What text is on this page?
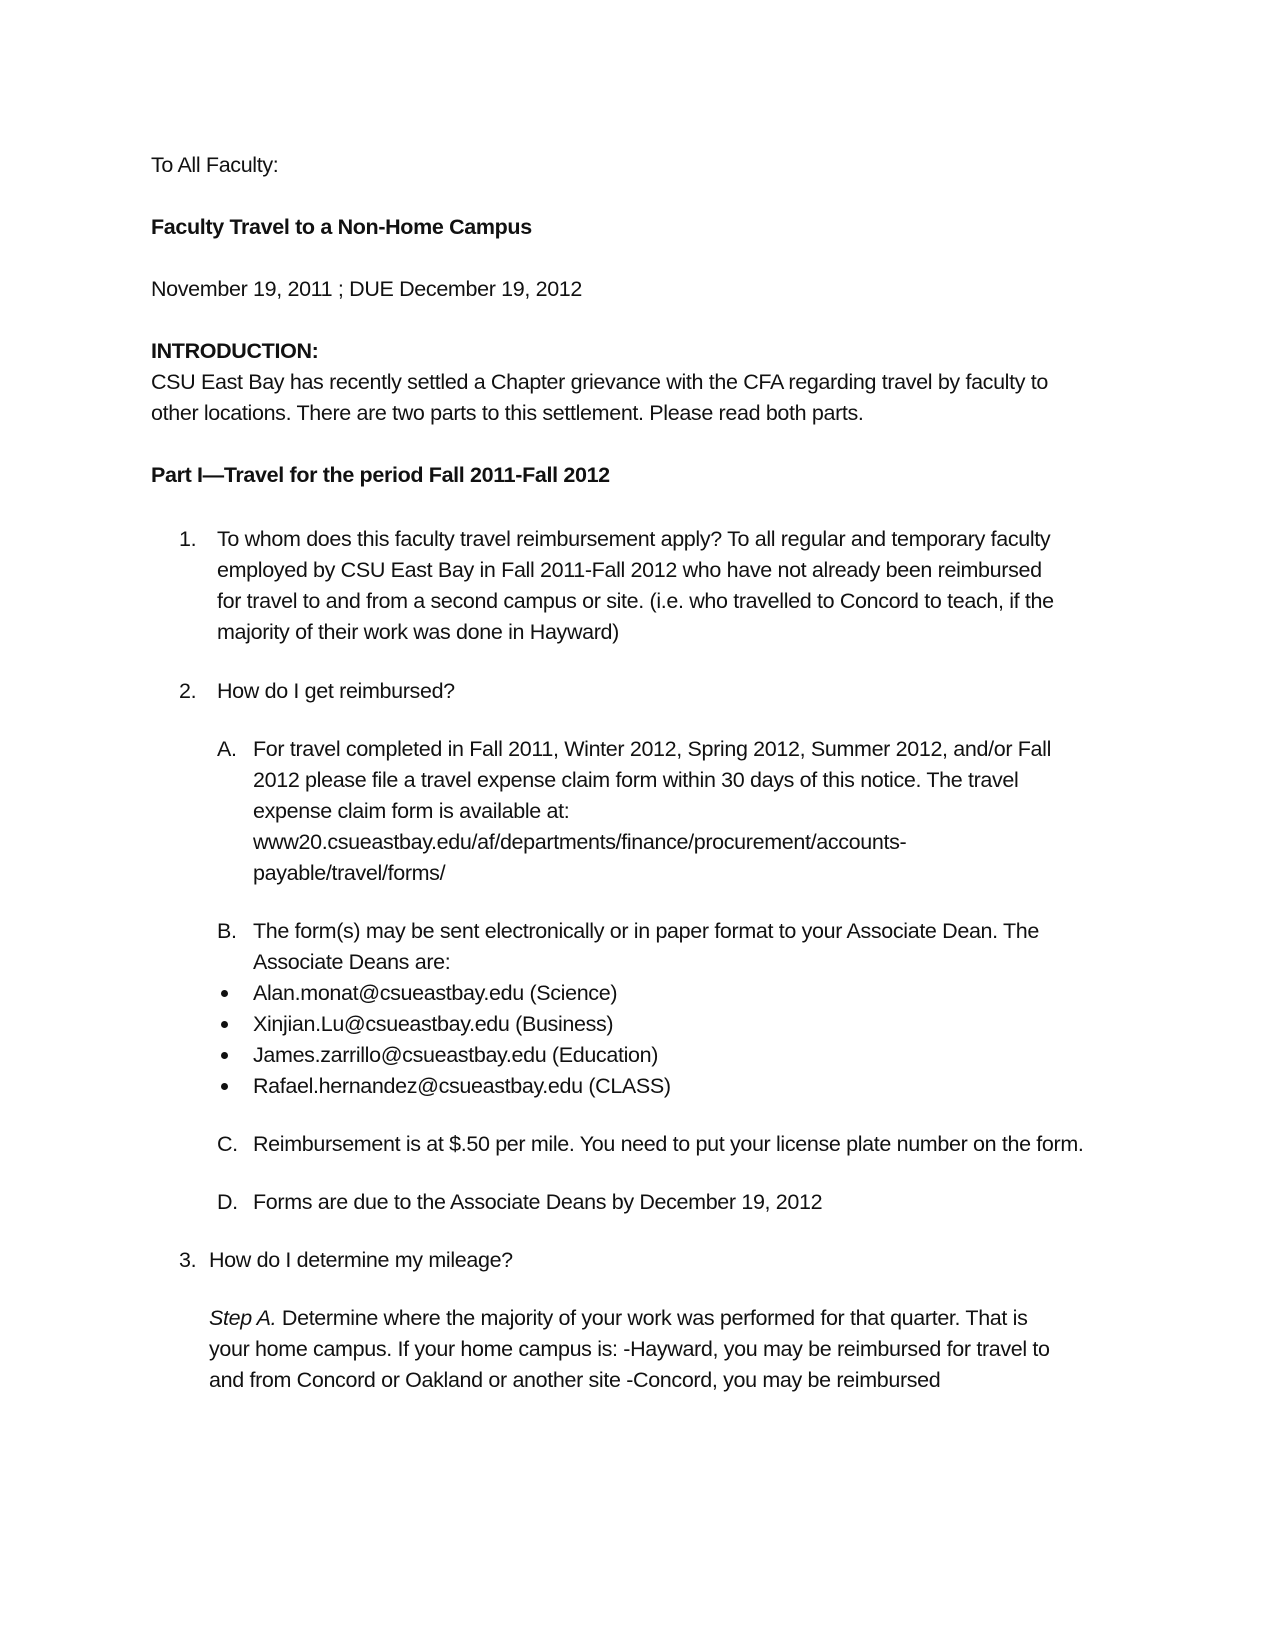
To All Faculty:

Faculty Travel to a Non-Home Campus

November 19, 2011 ; DUE December 19, 2012

INTRODUCTION:

CSU East Bay has recently settled a Chapter grievance with the CFA regarding travel by faculty to other locations. There are two parts to this settlement. Please read both parts.

Part I—Travel for the period Fall 2011-Fall 2012

1. To whom does this faculty travel reimbursement apply? To all regular and temporary faculty employed by CSU East Bay in Fall 2011-Fall 2012 who have not already been reimbursed for travel to and from a second campus or site. (i.e. who travelled to Concord to teach, if the majority of their work was done in Hayward)
2. How do I get reimbursed?
A. For travel completed in Fall 2011, Winter 2012, Spring 2012, Summer 2012, and/or Fall 2012 please file a travel expense claim form within 30 days of this notice. The travel expense claim form is available at:
www20.csueastbay.edu/af/departments/finance/procurement/accounts-
payable/travel/forms/
B. The form(s) may be sent electronically or in paper format to your Associate Dean. The Associate Deans are:
Alan.monat@csueastbay.edu (Science)
Xinjian.Lu@csueastbay.edu (Business)
James.zarrillo@csueastbay.edu (Education)
Rafael.hernandez@csueastbay.edu (CLASS)
C. Reimbursement is at $.50 per mile. You need to put your license plate number on the form.
D. Forms are due to the Associate Deans by December 19, 2012
3. How do I determine my mileage?
Step A. Determine where the majority of your work was performed for that quarter. That is your home campus. If your home campus is: -Hayward, you may be reimbursed for travel to and from Concord or Oakland or another site -Concord, you may be reimbursed
